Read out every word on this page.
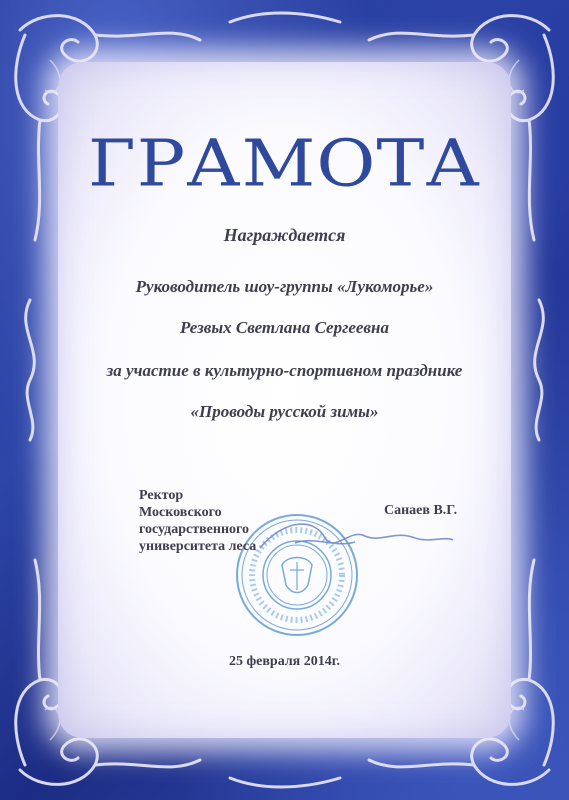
ГРАМОТА
Награждается
Руководитель шоу-группы «Лукоморье»
Резвых Светлана Сергеевна
за участие в культурно-спортивном празднике
«Проводы русской зимы»
Ректор
Московского
государственного
университета леса
Санаев В.Г.
25 февраля 2014г.
